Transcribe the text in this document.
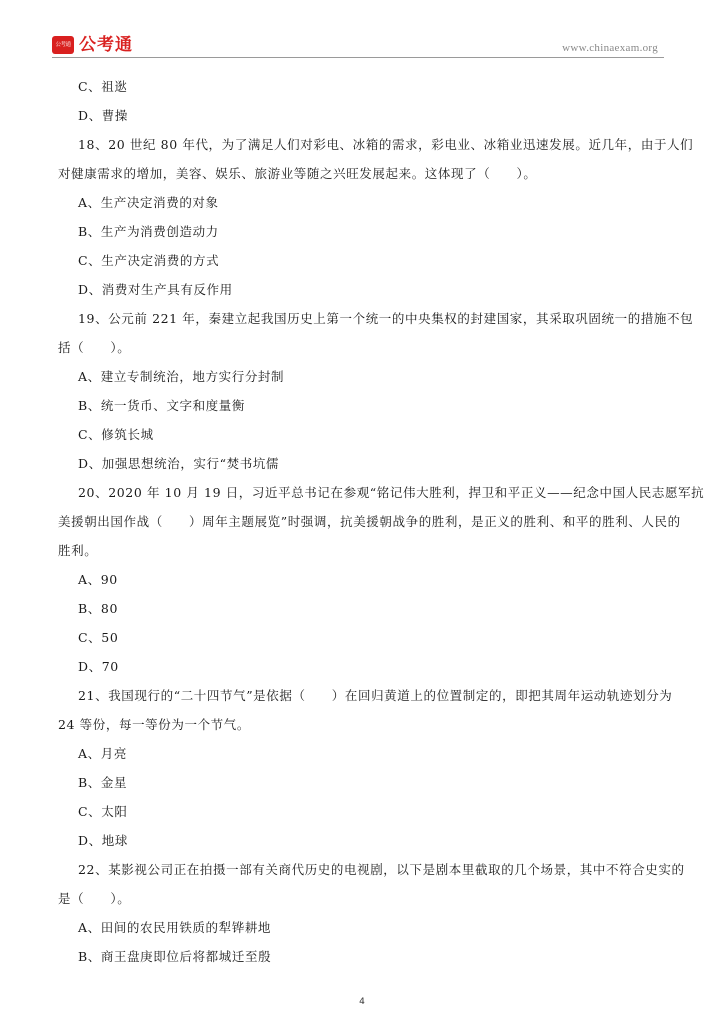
公考通 公考通	www.chinaexam.org
C、祖逖
D、曹操
18、20 世纪 80 年代，为了满足人们对彩电、冰箱的需求，彩电业、冰箱业迅速发展。近几年，由于人们
对健康需求的增加，美容、娱乐、旅游业等随之兴旺发展起来。这体现了（　　）。
A、生产决定消费的对象
B、生产为消费创造动力
C、生产决定消费的方式
D、消费对生产具有反作用
19、公元前 221 年，秦建立起我国历史上第一个统一的中央集权的封建国家，其采取巩固统一的措施不包
括（　　）。
A、建立专制统治，地方实行分封制
B、统一货币、文字和度量衡
C、修筑长城
D、加强思想统治，实行“焚书坑儒
20、2020 年 10 月 19 日，习近平总书记在参观“铭记伟大胜利，捍卫和平正义——纪念中国人民志愿军抗
美援朝出国作战（　　）周年主题展览”时强调，抗美援朝战争的胜利，是正义的胜利、和平的胜利、人民的
胜利。
A、90
B、80
C、50
D、70
21、我国现行的“二十四节气”是依据（　　）在回归黄道上的位置制定的，即把其周年运动轨迹划分为
24 等份，每一等份为一个节气。
A、月亮
B、金星
C、太阳
D、地球
22、某影视公司正在拍摄一部有关商代历史的电视剧，以下是剧本里截取的几个场景，其中不符合史实的
是（　　）。
A、田间的农民用铁质的犁铧耕地
B、商王盘庚即位后将都城迁至殷
4
